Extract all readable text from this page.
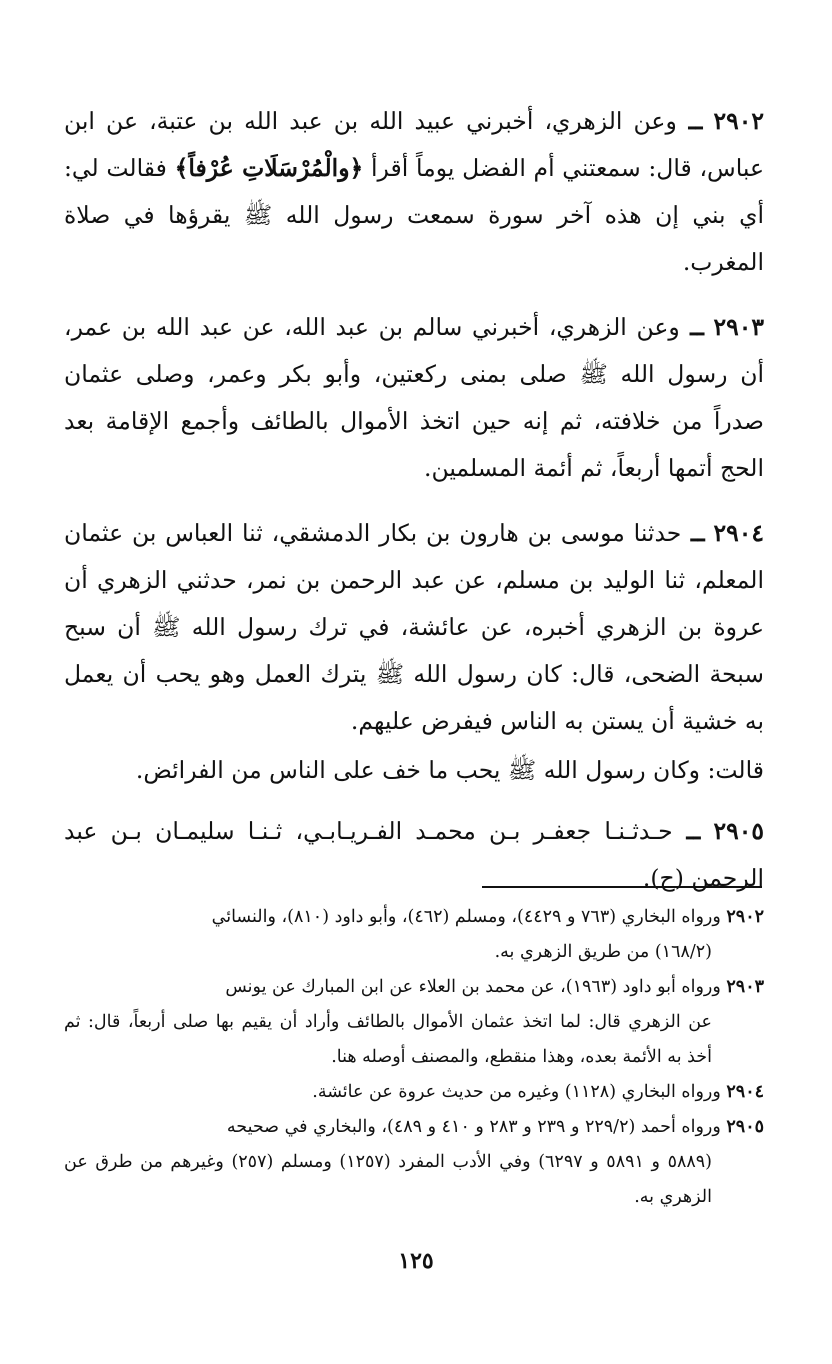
٢٩٠٢ ــ وعن الزهري، أخبرني عبيد الله بن عبد الله بن عتبة، عن ابن عباس، قال: سمعتني أم الفضل يوماً أقرأ ﴿والْمُرْسَلَاتِ عُرْفاً﴾ فقالت لي: أي بني إن هذه آخر سورة سمعت رسول الله ﷺ يقرؤها في صلاة المغرب.

٢٩٠٣ ــ وعن الزهري، أخبرني سالم بن عبد الله، عن عبد الله بن عمر، أن رسول الله ﷺ صلى بمنى ركعتين، وأبو بكر وعمر، وصلى عثمان صدراً من خلافته، ثم إنه حين اتخذ الأموال بالطائف وأجمع الإقامة بعد الحج أتمها أربعاً، ثم أئمة المسلمين.

٢٩٠٤ ــ حدثنا موسى بن هارون بن بكار الدمشقي، ثنا العباس بن عثمان المعلم، ثنا الوليد بن مسلم، عن عبد الرحمن بن نمر، حدثني الزهري أن عروة بن الزهري أخبره، عن عائشة، في ترك رسول الله ﷺ أن سبح سبحة الضحى، قال: كان رسول الله ﷺ يترك العمل وهو يحب أن يعمل به خشية أن يستن به الناس فيفرض عليهم.

قالت: وكان رسول الله ﷺ يحب ما خف على الناس من الفرائض.

٢٩٠٥ ــ حـدثـنـا جعفـر بـن محمـد الفـريـابـي، ثـنـا سليمـان بـن عبد الرحمن (ح).

٢٩٠٢ ورواه البخاري (٧٦٣ و ٤٤٢٩)، ومسلم (٤٦٢)، وأبو داود (٨١٠)، والنسائي
(١٦٨/٢) من طريق الزهري به.

٢٩٠٣ ورواه أبو داود (١٩٦٣)، عن محمد بن العلاء عن ابن المبارك عن يونس
عن الزهري قال: لما اتخذ عثمان الأموال بالطائف وأراد أن يقيم بها صلى أربعاً، قال: ثم أخذ به الأئمة بعده، وهذا منقطع، والمصنف أوصله هنا.

٢٩٠٤ ورواه البخاري (١١٢٨) وغيره من حديث عروة عن عائشة.

٢٩٠٥ ورواه أحمد (٢٢٩/٢ و ٢٣٩ و ٢٨٣ و ٤١٠ و ٤٨٩)، والبخاري في صحيحه
(٥٨٨٩ و ٥٨٩١ و ٦٢٩٧) وفي الأدب المفرد (١٢٥٧) ومسلم (٢٥٧) وغيرهم من طرق عن الزهري به.

١٢٥
